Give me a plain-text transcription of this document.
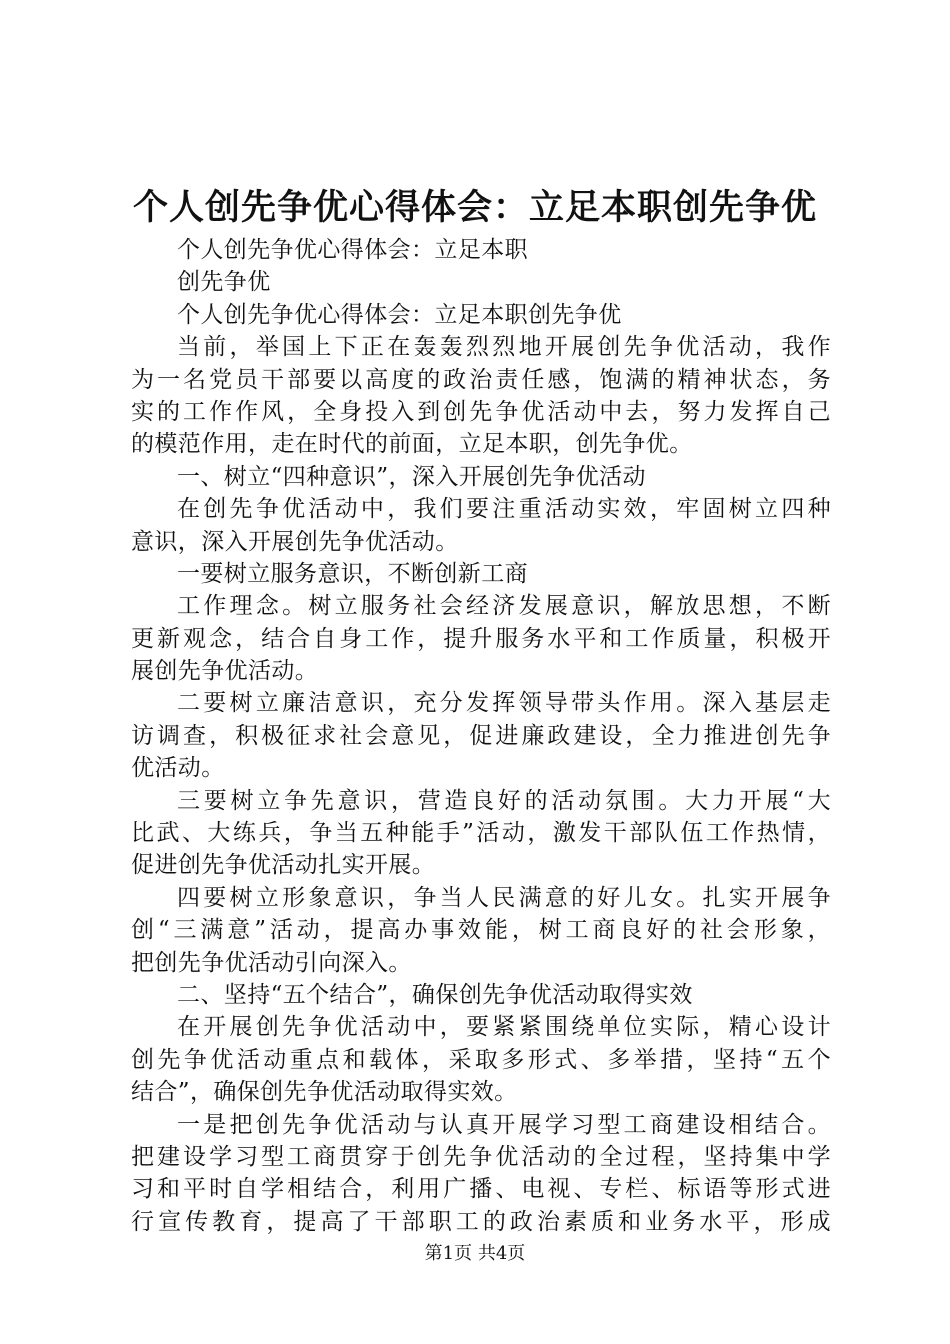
个人创先争优心得体会：立足本职创先争优
个人创先争优心得体会：立足本职
创先争优
个人创先争优心得体会：立足本职创先争优
当前，举国上下正在轰轰烈烈地开展创先争优活动，我作
为一名党员干部要以高度的政治责任感，饱满的精神状态，务
实的工作作风，全身投入到创先争优活动中去，努力发挥自己
的模范作用，走在时代的前面，立足本职，创先争优。
一、树立“四种意识”，深入开展创先争优活动
在创先争优活动中，我们要注重活动实效，牢固树立四种
意识，深入开展创先争优活动。
一要树立服务意识，不断创新工商
工作理念。树立服务社会经济发展意识，解放思想，不断
更新观念，结合自身工作，提升服务水平和工作质量，积极开
展创先争优活动。
二要树立廉洁意识，充分发挥领导带头作用。深入基层走
访调查，积极征求社会意见，促进廉政建设，全力推进创先争
优活动。
三要树立争先意识，营造良好的活动氛围。大力开展“大
比武、大练兵，争当五种能手”活动，激发干部队伍工作热情，
促进创先争优活动扎实开展。
四要树立形象意识，争当人民满意的好儿女。扎实开展争
创“三满意”活动，提高办事效能，树工商良好的社会形象，
把创先争优活动引向深入。
二、坚持“五个结合”，确保创先争优活动取得实效
在开展创先争优活动中，要紧紧围绕单位实际，精心设计
创先争优活动重点和载体，采取多形式、多举措，坚持“五个
结合”，确保创先争优活动取得实效。
一是把创先争优活动与认真开展学习型工商建设相结合。
把建设学习型工商贯穿于创先争优活动的全过程，坚持集中学
习和平时自学相结合，利用广播、电视、专栏、标语等形式进
行宣传教育，提高了干部职工的政治素质和业务水平，形成
第1页 共4页
